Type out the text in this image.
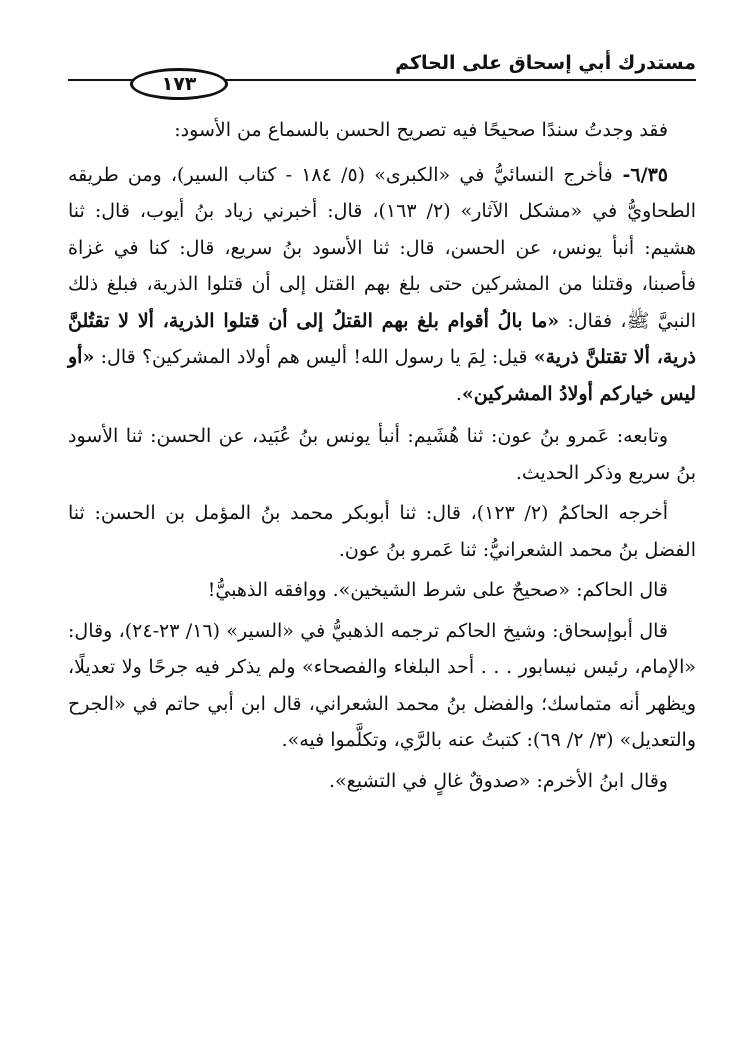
مستدرك أبي إسحاق على الحاكم
١٧٣

فقد وجدتُ سندًا صحيحًا فيه تصريح الحسن بالسماع من الأسود:

٦/٣٥- فأخرج النسائيُّ في «الكبرى» (٥/ ١٨٤ - كتاب السير)، ومن طريقه الطحاويُّ في «مشكل الآثار» (٢/ ١٦٣)، قال: أخبرني زياد بنُ أيوب، قال: ثنا هشيم: أنبأ يونس، عن الحسن، قال: ثنا الأسود بنُ سريع، قال: كنا في غزاة فأصبنا، وقتلنا من المشركين حتى بلغ بهم القتل إلى أن قتلوا الذرية، فبلغ ذلك النبيَّ ﷺ، فقال: «ما بالُ أقوام بلغ بهم القتلُ إلى أن قتلوا الذرية، ألا لا تقتُلنَّ ذرية، ألا تقتلنَّ ذرية» قيل: لِمَ يا رسول الله! أليس هم أولاد المشركين؟ قال: «أو ليس خياركم أولادُ المشركين».

وتابعه: عَمرو بنُ عون: ثنا هُشَيم: أنبأ يونس بنُ عُبَيد، عن الحسن: ثنا الأسود بنُ سريع وذكر الحديث.

أخرجه الحاكمُ (٢/ ١٢٣)، قال: ثنا أبوبكر محمد بنُ المؤمل بن الحسن: ثنا الفضل بنُ محمد الشعرانيُّ: ثنا عَمرو بنُ عون.

قال الحاكم: «صحيحٌ على شرط الشيخين». ووافقه الذهبيُّ!

قال أبوإسحاق: وشيخ الحاكم ترجمه الذهبيُّ في «السير» (١٦/ ٢٣-٢٤)، وقال: «الإمام، رئيس نيسابور . . . أحد البلغاء والفصحاء» ولم يذكر فيه جرحًا ولا تعديلًا، ويظهر أنه متماسك؛ والفضل بنُ محمد الشعراني، قال ابن أبي حاتم في «الجرح والتعديل» (٣/ ٢/ ٦٩): كتبتُ عنه بالرَّي، وتكلَّموا فيه».

وقال ابنُ الأخرم: «صدوقٌ غالٍ في التشيع».
